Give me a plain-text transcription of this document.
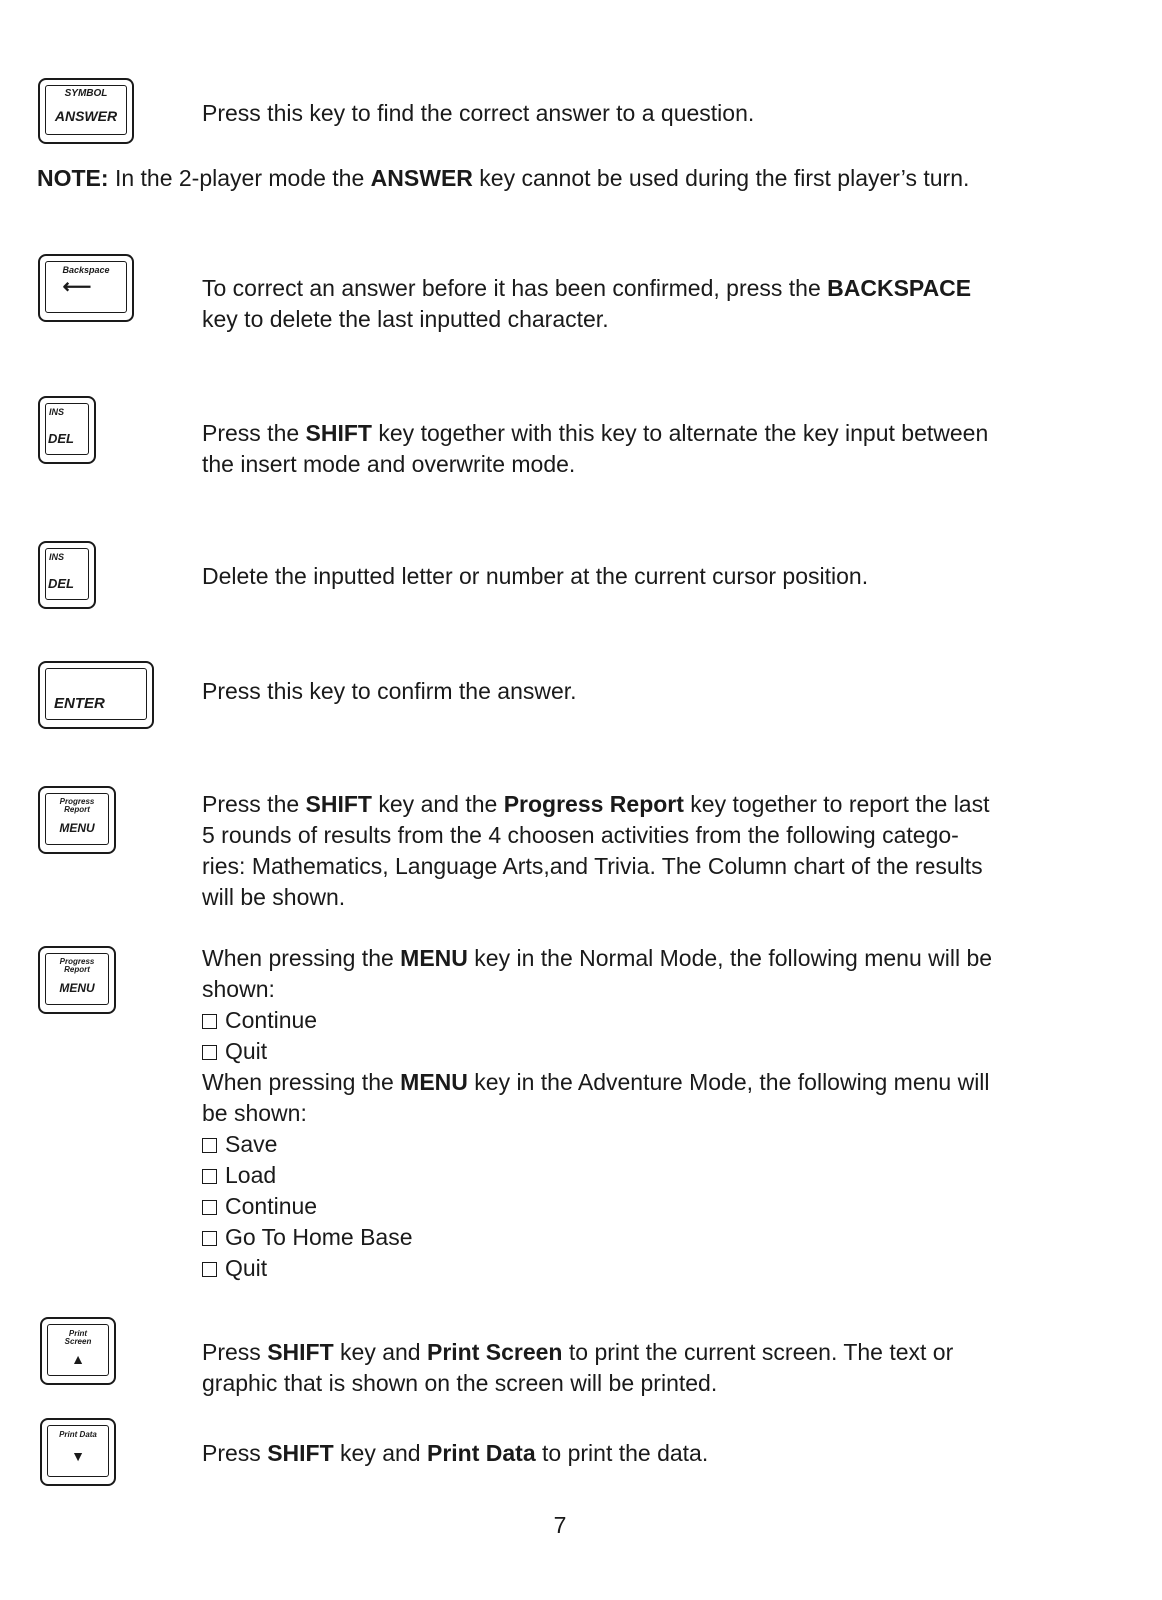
SYMBOL
ANSWER	Press this key to find the correct answer to a question.
NOTE: In the 2-player mode the ANSWER key cannot be used during the first player’s turn.
Backspace
⟵	To correct an answer before it has been confirmed, press the BACKSPACE
key to delete the last inputted character.
INS
DEL	Press the SHIFT key together with this key to alternate the key input between
the insert mode and overwrite mode.
INS
DEL	Delete the inputted letter or number at the current cursor position.
ENTER	Press this key to confirm the answer.
Progress
Report
MENU
Press the SHIFT key and the Progress Report key together to report the last
5 rounds of results from the 4 choosen activities from the following catego-
ries: Mathematics, Language Arts,and Trivia. The Column chart of the results
will be shown.
Progress
Report
MENU
When pressing the MENU key in the Normal Mode, the following menu will be
shown:
Continue
Quit
When pressing the MENU key in the Adventure Mode, the following menu will
be shown:
Save
Load
Continue
Go To Home Base
Quit
Print
Screen
▲	Press SHIFT key and Print Screen to print the current screen. The text or
graphic that is shown on the screen will be printed.
Print Data
▼	Press SHIFT key and Print Data to print the data.
7
